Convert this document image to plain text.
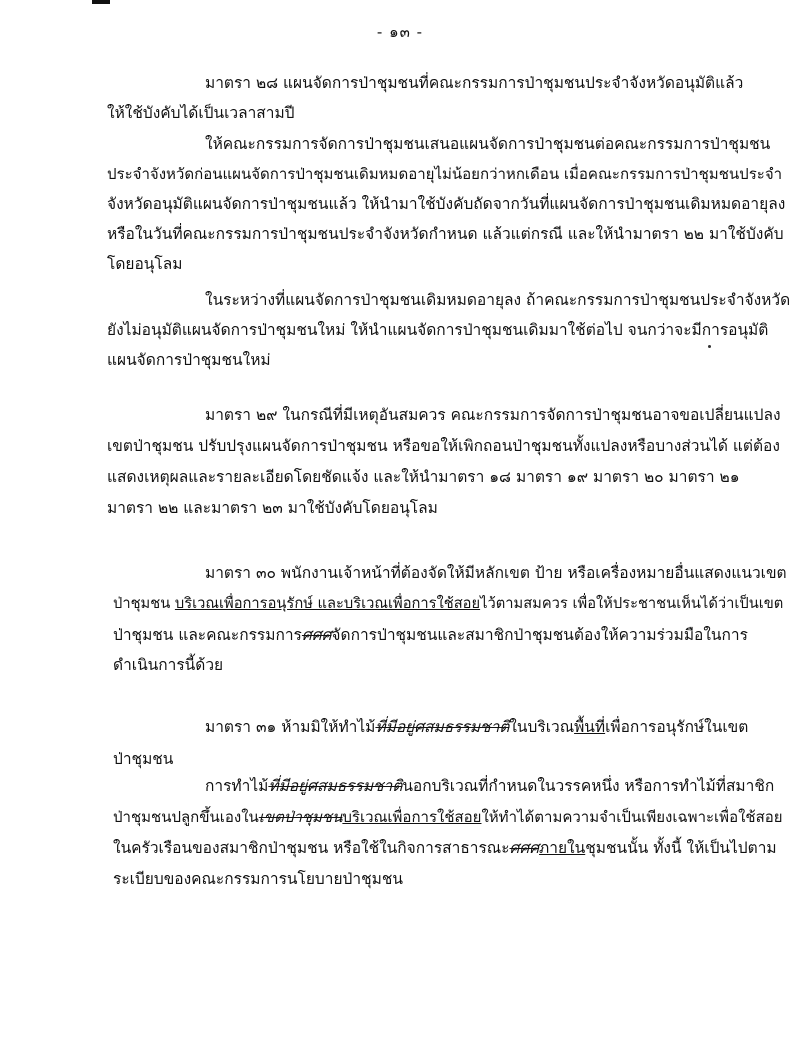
- ๑๓ -
มาตรา ๒๘ แผนจัดการป่าชุมชนที่คณะกรรมการป่าชุมชนประจำจังหวัดอนุมัติแล้ว
ให้ใช้บังคับได้เป็นเวลาสามปี
ให้คณะกรรมการจัดการป่าชุมชนเสนอแผนจัดการป่าชุมชนต่อคณะกรรมการป่าชุมชน
ประจำจังหวัดก่อนแผนจัดการป่าชุมชนเดิมหมดอายุไม่น้อยกว่าหกเดือน เมื่อคณะกรรมการป่าชุมชนประจำ
จังหวัดอนุมัติแผนจัดการป่าชุมชนแล้ว ให้นำมาใช้บังคับถัดจากวันที่แผนจัดการป่าชุมชนเดิมหมดอายุลง
หรือในวันที่คณะกรรมการป่าชุมชนประจำจังหวัดกำหนด แล้วแต่กรณี และให้นำมาตรา ๒๒ มาใช้บังคับ
โดยอนุโลม
ในระหว่างที่แผนจัดการป่าชุมชนเดิมหมดอายุลง ถ้าคณะกรรมการป่าชุมชนประจำจังหวัด
ยังไม่อนุมัติแผนจัดการป่าชุมชนใหม่ ให้นำแผนจัดการป่าชุมชนเดิมมาใช้ต่อไป จนกว่าจะมีการอนุมัติ
แผนจัดการป่าชุมชนใหม่
มาตรา ๒๙ ในกรณีที่มีเหตุอันสมควร คณะกรรมการจัดการป่าชุมชนอาจขอเปลี่ยนแปลง
เขตป่าชุมชน ปรับปรุงแผนจัดการป่าชุมชน หรือขอให้เพิกถอนป่าชุมชนทั้งแปลงหรือบางส่วนได้ แต่ต้อง
แสดงเหตุผลและรายละเอียดโดยชัดแจ้ง และให้นำมาตรา ๑๘ มาตรา ๑๙ มาตรา ๒๐ มาตรา ๒๑
มาตรา ๒๒ และมาตรา ๒๓ มาใช้บังคับโดยอนุโลม
มาตรา ๓๐ พนักงานเจ้าหน้าที่ต้องจัดให้มีหลักเขต ป้าย หรือเครื่องหมายอื่นแสดงแนวเขต
ป่าชุมชน บริเวณเพื่อการอนุรักษ์ และบริเวณเพื่อการใช้สอยไว้ตามสมควร เพื่อให้ประชาชนเห็นได้ว่าเป็นเขต
ป่าชุมชน และคณะกรรมการศศศจัดการป่าชุมชนและสมาชิกป่าชุมชนต้องให้ความร่วมมือในการ
ดำเนินการนี้ด้วย
มาตรา ๓๑ ห้ามมิให้ทำไม้ที่มีอยู่ศสมธรรมชาติในบริเวณพื้นที่เพื่อการอนุรักษ์ในเขต
ป่าชุมชน
การทำไม้ที่มีอยู่ศสมธรรมชาตินอกบริเวณที่กำหนดในวรรคหนึ่ง หรือการทำไม้ที่สมาชิก
ป่าชุมชนปลูกขึ้นเองในเขตป่าชุมชนบริเวณเพื่อการใช้สอยให้ทำได้ตามความจำเป็นเพียงเฉพาะเพื่อใช้สอย
ในครัวเรือนของสมาชิกป่าชุมชน หรือใช้ในกิจการสาธารณะศศศภายในชุมชนนั้น ทั้งนี้ ให้เป็นไปตาม
ระเบียบของคณะกรรมการนโยบายป่าชุมชน
